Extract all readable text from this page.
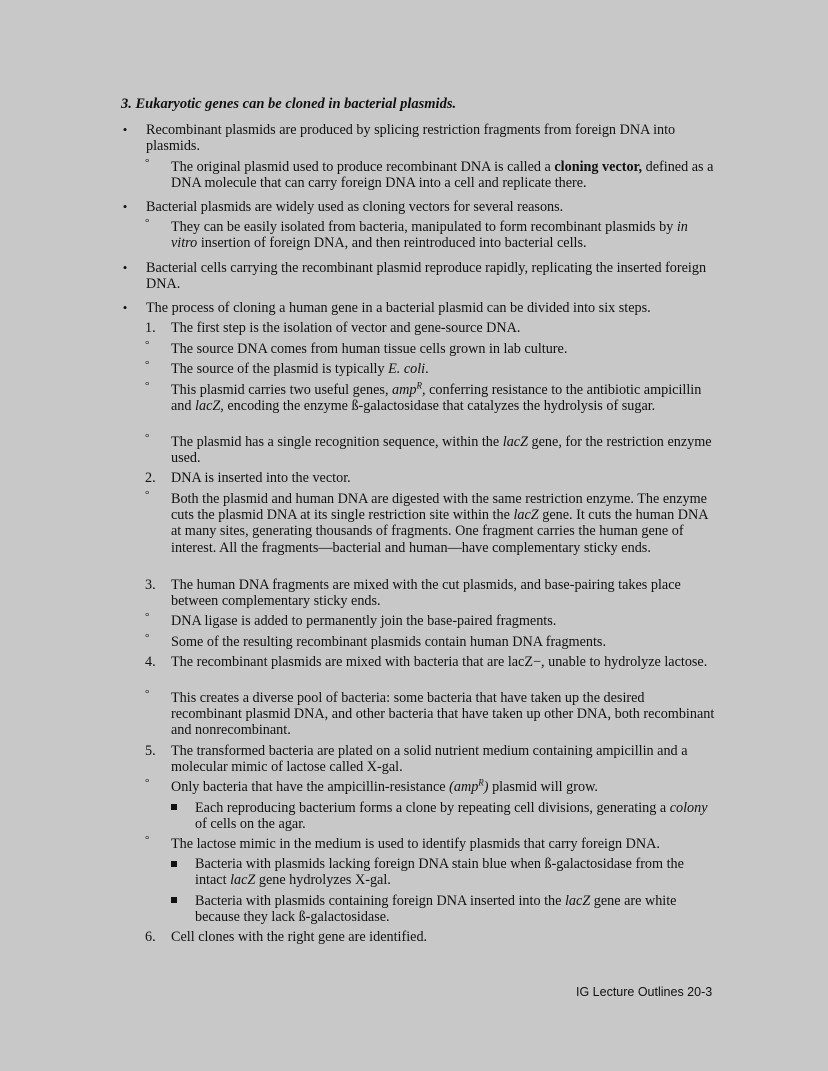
3. Eukaryotic genes can be cloned in bacterial plasmids.
• Recombinant plasmids are produced by splicing restriction fragments from foreign DNA into plasmids.
° The original plasmid used to produce recombinant DNA is called a cloning vector, defined as a DNA molecule that can carry foreign DNA into a cell and replicate there.
• Bacterial plasmids are widely used as cloning vectors for several reasons.
° They can be easily isolated from bacteria, manipulated to form recombinant plasmids by in vitro insertion of foreign DNA, and then reintroduced into bacterial cells.
• Bacterial cells carrying the recombinant plasmid reproduce rapidly, replicating the inserted foreign DNA.
• The process of cloning a human gene in a bacterial plasmid can be divided into six steps.
1. The first step is the isolation of vector and gene-source DNA.
° The source DNA comes from human tissue cells grown in lab culture.
° The source of the plasmid is typically E. coli.
° This plasmid carries two useful genes, amp$^R$, conferring resistance to the antibiotic ampicillin and lacZ, encoding the enzyme ß-galactosidase that catalyzes the hydrolysis of sugar.
° The plasmid has a single recognition sequence, within the lacZ gene, for the restriction enzyme used.
2. DNA is inserted into the vector.
° Both the plasmid and human DNA are digested with the same restriction enzyme. The enzyme cuts the plasmid DNA at its single restriction site within the lacZ gene. It cuts the human DNA at many sites, generating thousands of fragments. One fragment carries the human gene of interest. All the fragments—bacterial and human—have complementary sticky ends.
3. The human DNA fragments are mixed with the cut plasmids, and base-pairing takes place between complementary sticky ends.
° DNA ligase is added to permanently join the base-paired fragments.
° Some of the resulting recombinant plasmids contain human DNA fragments.
4. The recombinant plasmids are mixed with bacteria that are lacZ−, unable to hydrolyze lactose.
° This creates a diverse pool of bacteria: some bacteria that have taken up the desired recombinant plasmid DNA, and other bacteria that have taken up other DNA, both recombinant and nonrecombinant.
5. The transformed bacteria are plated on a solid nutrient medium containing ampicillin and a molecular mimic of lactose called X-gal.
° Only bacteria that have the ampicillin-resistance (amp$^R$) plasmid will grow.
Each reproducing bacterium forms a clone by repeating cell divisions, generating a colony of cells on the agar.
° The lactose mimic in the medium is used to identify plasmids that carry foreign DNA.
Bacteria with plasmids lacking foreign DNA stain blue when ß-galactosidase from the intact lacZ gene hydrolyzes X-gal.
Bacteria with plasmids containing foreign DNA inserted into the lacZ gene are white because they lack ß-galactosidase.
6. Cell clones with the right gene are identified.
IG Lecture Outlines 20-3
